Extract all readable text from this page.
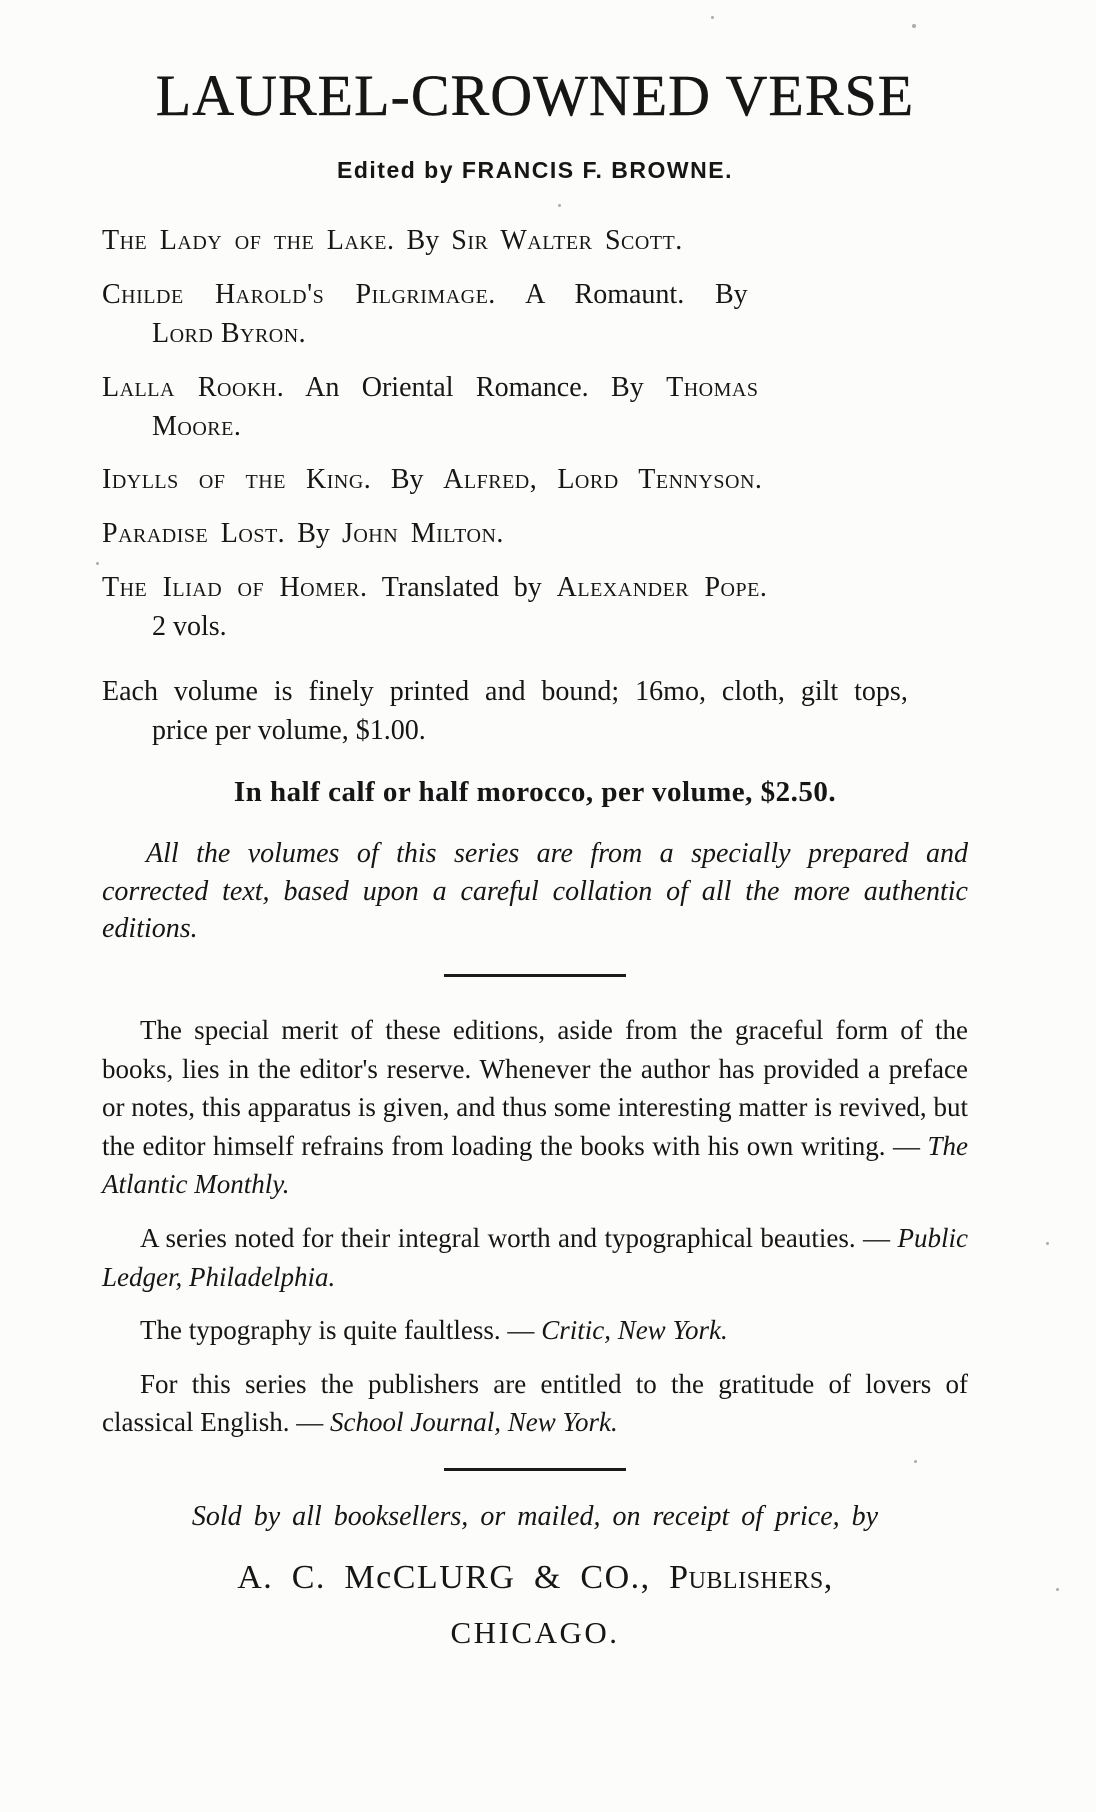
LAUREL-CROWNED VERSE
Edited by FRANCIS F. BROWNE.
The Lady of the Lake. By Sir Walter Scott.
Childe Harold's Pilgrimage. A Romaunt. By
Lord Byron.
Lalla Rookh. An Oriental Romance. By Thomas
Moore.
Idylls of the King. By Alfred, Lord Tennyson.
Paradise Lost. By John Milton.
The Iliad of Homer. Translated by Alexander Pope.
2 vols.

Each volume is finely printed and bound; 16mo, cloth, gilt tops,
price per volume, $1.00.

In half calf or half morocco, per volume, $2.50.

All the volumes of this series are from a specially prepared and corrected text, based upon a careful collation of all the more authentic editions.

The special merit of these editions, aside from the graceful form of the books, lies in the editor's reserve. Whenever the author has provided a preface or notes, this apparatus is given, and thus some interesting matter is revived, but the editor himself refrains from loading the books with his own writing. — The Atlantic Monthly.

A series noted for their integral worth and typographical beauties. — Public Ledger, Philadelphia.

The typography is quite faultless. — Critic, New York.

For this series the publishers are entitled to the gratitude of lovers of classical English. — School Journal, New York.

Sold by all booksellers, or mailed, on receipt of price, by

A. C. McCLURG & CO., Publishers,

CHICAGO.
